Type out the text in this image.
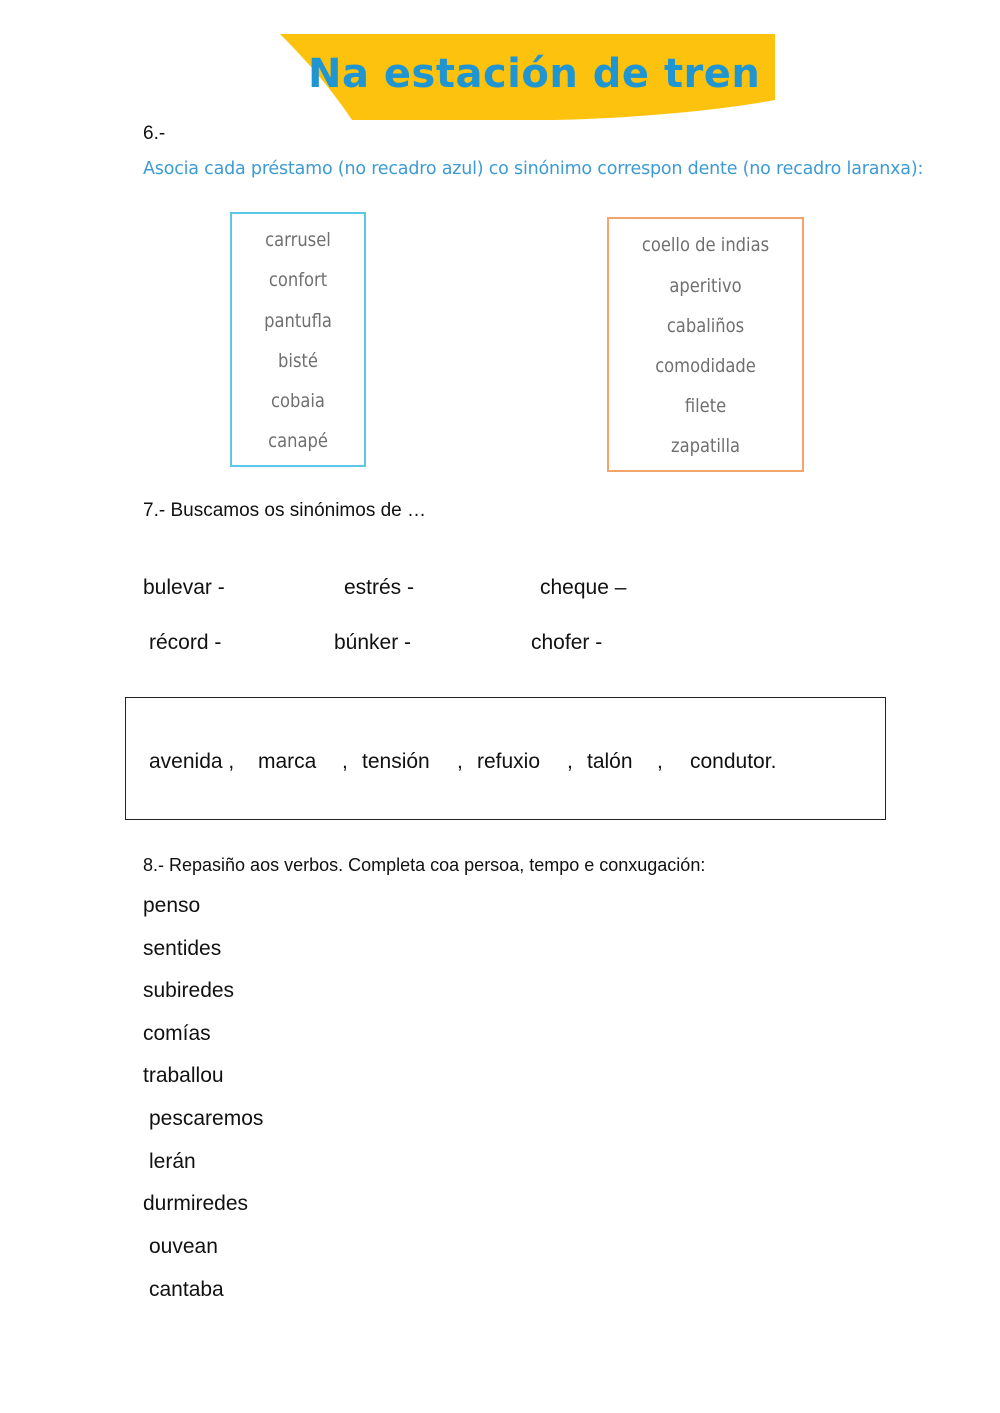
Na estación de tren
6.-
Asocia cada préstamo (no recadro azul) co sinónimo correspon dente (no recadro laranxa):
carrusel
confort
pantufla
bisté
cobaia
canapé
coello de indias
aperitivo
cabaliños
comodidade
filete
zapatilla
7.- Buscamos os sinónimos de …
bulevar -	estrés -	cheque –
récord -	búnker -	chofer -
avenida , marca , tensión , refuxio , talón , condutor.
8.- Repasiño aos verbos. Completa coa persoa, tempo e conxugación:
penso
sentides
subiredes
comías
traballou
pescaremos
lerán
durmiredes
ouvean
cantaba
